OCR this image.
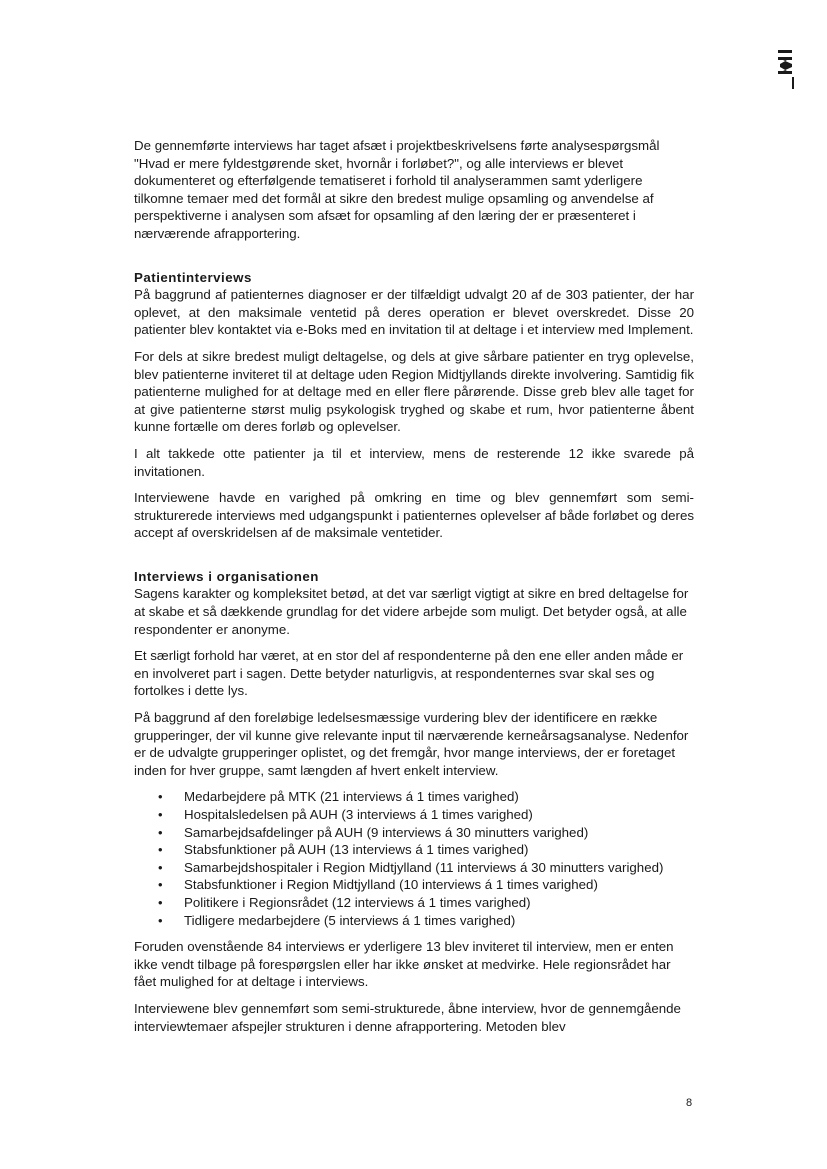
De gennemførte interviews har taget afsæt i projektbeskrivelsens førte analysespørgsmål "Hvad er mere fyldestgørende sket, hvornår i forløbet?", og alle interviews er blevet dokumenteret og efterfølgende tematiseret i forhold til analyserammen samt yderligere tilkomne temaer med det formål at sikre den bredest mulige opsamling og anvendelse af perspektiverne i analysen som afsæt for opsamling af den læring der er præsenteret i nærværende afrapportering.

Patientinterviews

På baggrund af patienternes diagnoser er der tilfældigt udvalgt 20 af de 303 patienter, der har oplevet, at den maksimale ventetid på deres operation er blevet overskredet. Disse 20 patienter blev kontaktet via e-Boks med en invitation til at deltage i et interview med Implement.

For dels at sikre bredest muligt deltagelse, og dels at give sårbare patienter en tryg oplevelse, blev patienterne inviteret til at deltage uden Region Midtjyllands direkte involvering. Samtidig fik patienterne mulighed for at deltage med en eller flere pårørende. Disse greb blev alle taget for at give patienterne størst mulig psykologisk tryghed og skabe et rum, hvor patienterne åbent kunne fortælle om deres forløb og oplevelser.

I alt takkede otte patienter ja til et interview, mens de resterende 12 ikke svarede på invitationen.

Interviewene havde en varighed på omkring en time og blev gennemført som semi-strukturerede interviews med udgangspunkt i patienternes oplevelser af både forløbet og deres accept af overskridelsen af de maksimale ventetider.

Interviews i organisationen

Sagens karakter og kompleksitet betød, at det var særligt vigtigt at sikre en bred deltagelse for at skabe et så dækkende grundlag for det videre arbejde som muligt. Det betyder også, at alle respondenter er anonyme.

Et særligt forhold har været, at en stor del af respondenterne på den ene eller anden måde er en involveret part i sagen. Dette betyder naturligvis, at respondenternes svar skal ses og fortolkes i dette lys.

På baggrund af den foreløbige ledelsesmæssige vurdering blev der identificere en række grupperinger, der vil kunne give relevante input til nærværende kerneårsagsanalyse. Nedenfor er de udvalgte grupperinger oplistet, og det fremgår, hvor mange interviews, der er foretaget inden for hver gruppe, samt længden af hvert enkelt interview.

• Medarbejdere på MTK (21 interviews á 1 times varighed)
• Hospitalsledelsen på AUH (3 interviews á 1 times varighed)
• Samarbejdsafdelinger på AUH (9 interviews á 30 minutters varighed)
• Stabsfunktioner på AUH (13 interviews á 1 times varighed)
• Samarbejdshospitaler i Region Midtjylland (11 interviews á 30 minutters varighed)
• Stabsfunktioner i Region Midtjylland (10 interviews á 1 times varighed)
• Politikere i Regionsrådet (12 interviews á 1 times varighed)
• Tidligere medarbejdere (5 interviews á 1 times varighed)

Foruden ovenstående 84 interviews er yderligere 13 blev inviteret til interview, men er enten ikke vendt tilbage på forespørgslen eller har ikke ønsket at medvirke. Hele regionsrådet har fået mulighed for at deltage i interviews.

Interviewene blev gennemført som semi-strukturede, åbne interview, hvor de gennemgående interviewtemaer afspejler strukturen i denne afrapportering. Metoden blev

8
